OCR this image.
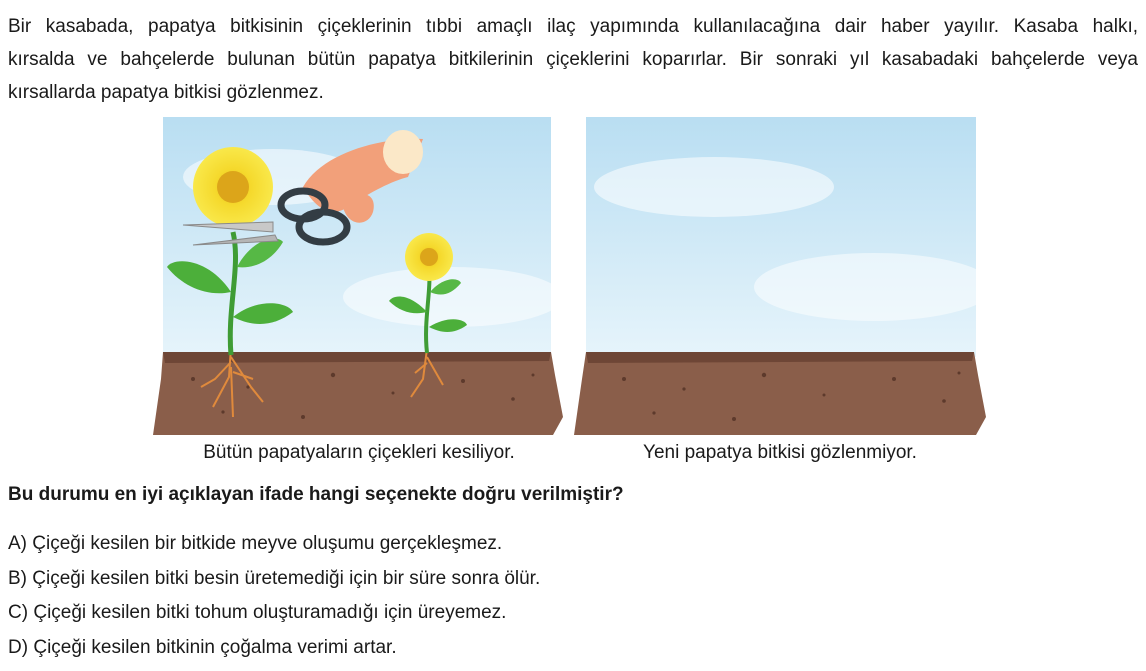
Bir kasabada, papatya bitkisinin çiçeklerinin tıbbi amaçlı ilaç yapımında kullanılacağına dair haber yayılır. Kasaba halkı,
kırsalda ve bahçelerde bulunan bütün papatya bitkilerinin çiçeklerini koparırlar. Bir sonraki yıl kasabadaki bahçelerde veya
kırsallarda papatya bitkisi gözlenmez.
Bütün papatyaların çiçekleri kesiliyor.	Yeni papatya bitkisi gözlenmiyor.
Bu durumu en iyi açıklayan ifade hangi seçenekte doğru verilmiştir?
A) Çiçeği kesilen bir bitkide meyve oluşumu gerçekleşmez.
B) Çiçeği kesilen bitki besin üretemediği için bir süre sonra ölür.
C) Çiçeği kesilen bitki tohum oluşturamadığı için üreyemez.
D) Çiçeği kesilen bitkinin çoğalma verimi artar.
